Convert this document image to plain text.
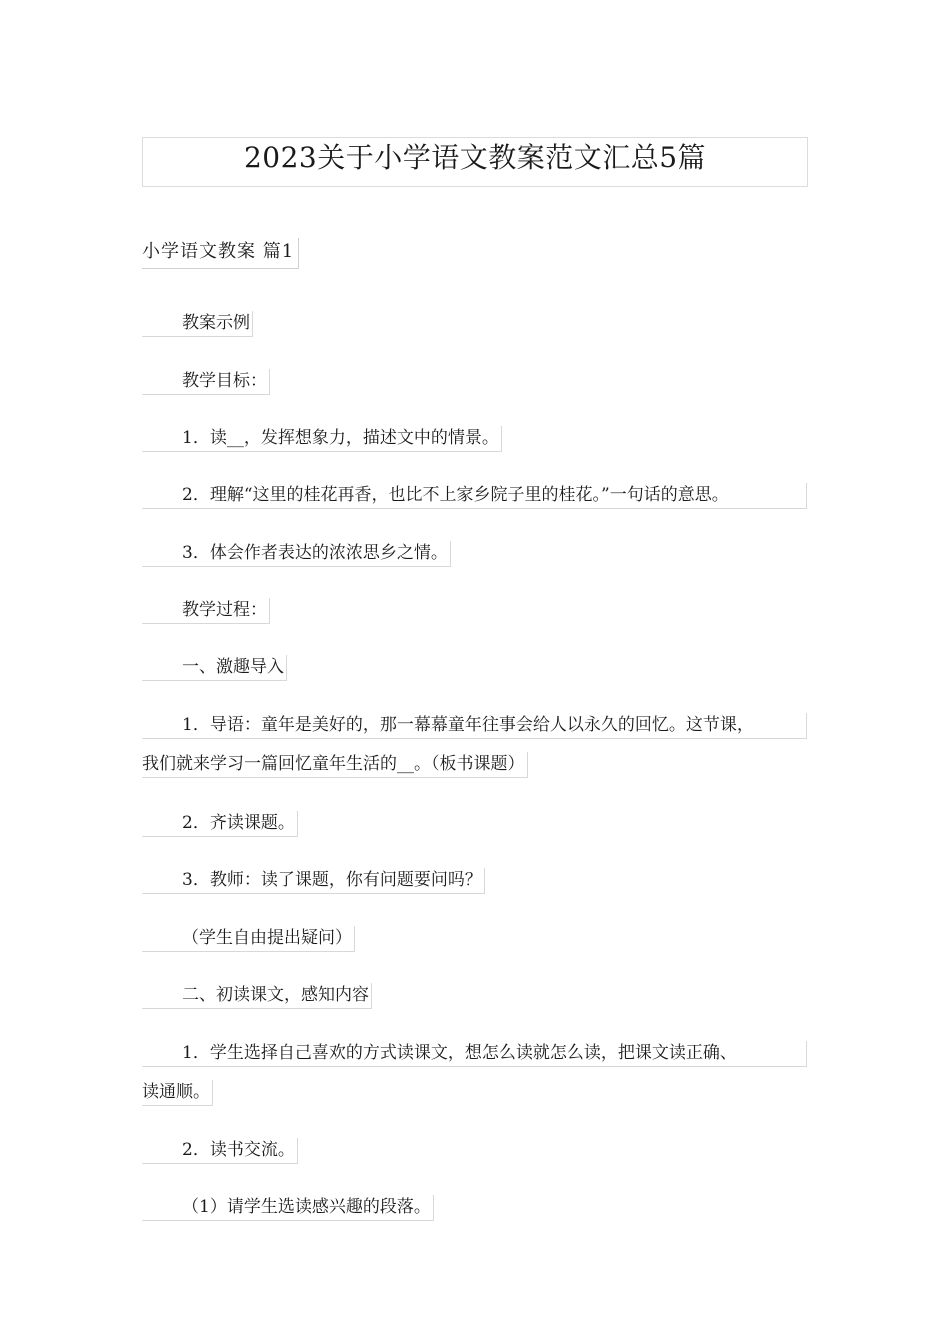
2023关于小学语文教案范文汇总5篇
小学语文教案 篇1
教案示例
教学目标：
1．读__，发挥想象力，描述文中的情景。
2．理解“这里的桂花再香，也比不上家乡院子里的桂花。”一句话的意思。
3．体会作者表达的浓浓思乡之情。
教学过程：
一、激趣导入
1．导语：童年是美好的，那一幕幕童年往事会给人以永久的回忆。这节课，
我们就来学习一篇回忆童年生活的__。（板书课题）
2．齐读课题。
3．教师：读了课题，你有问题要问吗？
（学生自由提出疑问）
二、初读课文，感知内容
1．学生选择自己喜欢的方式读课文，想怎么读就怎么读，把课文读正确、
读通顺。
2．读书交流。
（1）请学生选读感兴趣的段落。
